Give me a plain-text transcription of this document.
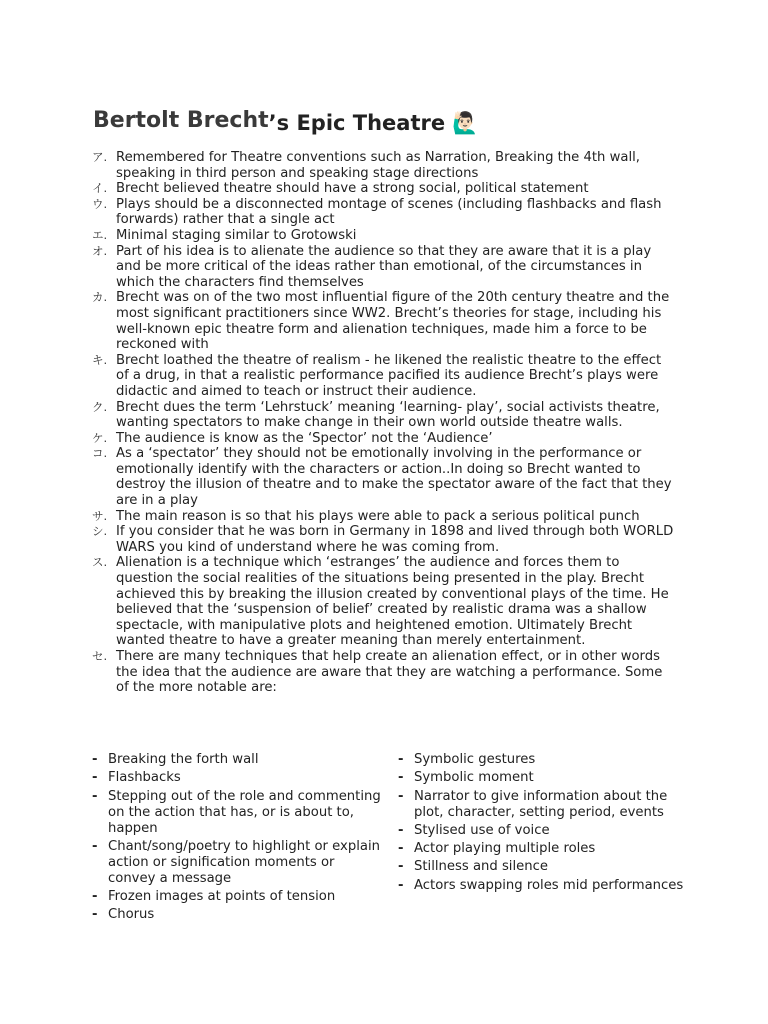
Bertolt Brecht’s Epic Theatre 🙋🏻‍♂️
ア. Remembered for Theatre conventions such as Narration, Breaking the 4th wall, speaking in third person and speaking stage directions
イ. Brecht believed theatre should have a strong social, political statement
ウ. Plays should be a disconnected montage of scenes (including flashbacks and flash forwards) rather that a single act
エ. Minimal staging similar to Grotowski
オ. Part of his idea is to alienate the audience so that they are aware that it is a play and be more critical of the ideas rather than emotional, of the circumstances in which the characters find themselves
カ. Brecht was on of the two most influential figure of the 20th century theatre and the most significant practitioners since WW2. Brecht’s theories for stage, including his well-known epic theatre form and alienation techniques, made him a force to be reckoned with
キ. Brecht loathed the theatre of realism - he likened the realistic theatre to the effect of a drug, in that a realistic performance pacified its audience Brecht’s plays were didactic and aimed to teach or instruct their audience.
ク. Brecht dues the term ‘Lehrstuck’ meaning ‘learning- play’, social activists theatre, wanting spectators to make change in their own world outside theatre walls.
ケ. The audience is know as the ‘Spector’ not the ‘Audience’
コ. As a ‘spectator’ they should not be emotionally involving in the performance or emotionally identify with the characters or action..In doing so Brecht wanted to destroy the illusion of theatre and to make the spectator aware of the fact that they are in a play
サ. The main reason is so that his plays were able to pack a serious political punch
シ. If you consider that he was born in Germany in 1898 and lived through both WORLD WARS you kind of understand where he was coming from.
ス. Alienation is a technique which ‘estranges’ the audience and forces them to question the social realities of the situations being presented in the play. Brecht achieved this by breaking the illusion created by conventional plays of the time. He believed that the ‘suspension of belief’ created by realistic drama was a shallow spectacle, with manipulative plots and heightened emotion. Ultimately Brecht wanted theatre to have a greater meaning than merely entertainment.
セ. There are many techniques that help create an alienation effect, or in other words the idea that the audience are aware that they are watching a performance. Some of the more notable are:
- Breaking the forth wall
- Flashbacks
- Stepping out of the role and commenting on the action that has, or is about to, happen
- Chant/song/poetry to highlight or explain action or signification moments or convey a message
- Frozen images at points of tension
- Chorus
- Symbolic gestures
- Symbolic moment
- Narrator to give information about the plot, character, setting period, events
- Stylised use of voice
- Actor playing multiple roles
- Stillness and silence
- Actors swapping roles mid performances
